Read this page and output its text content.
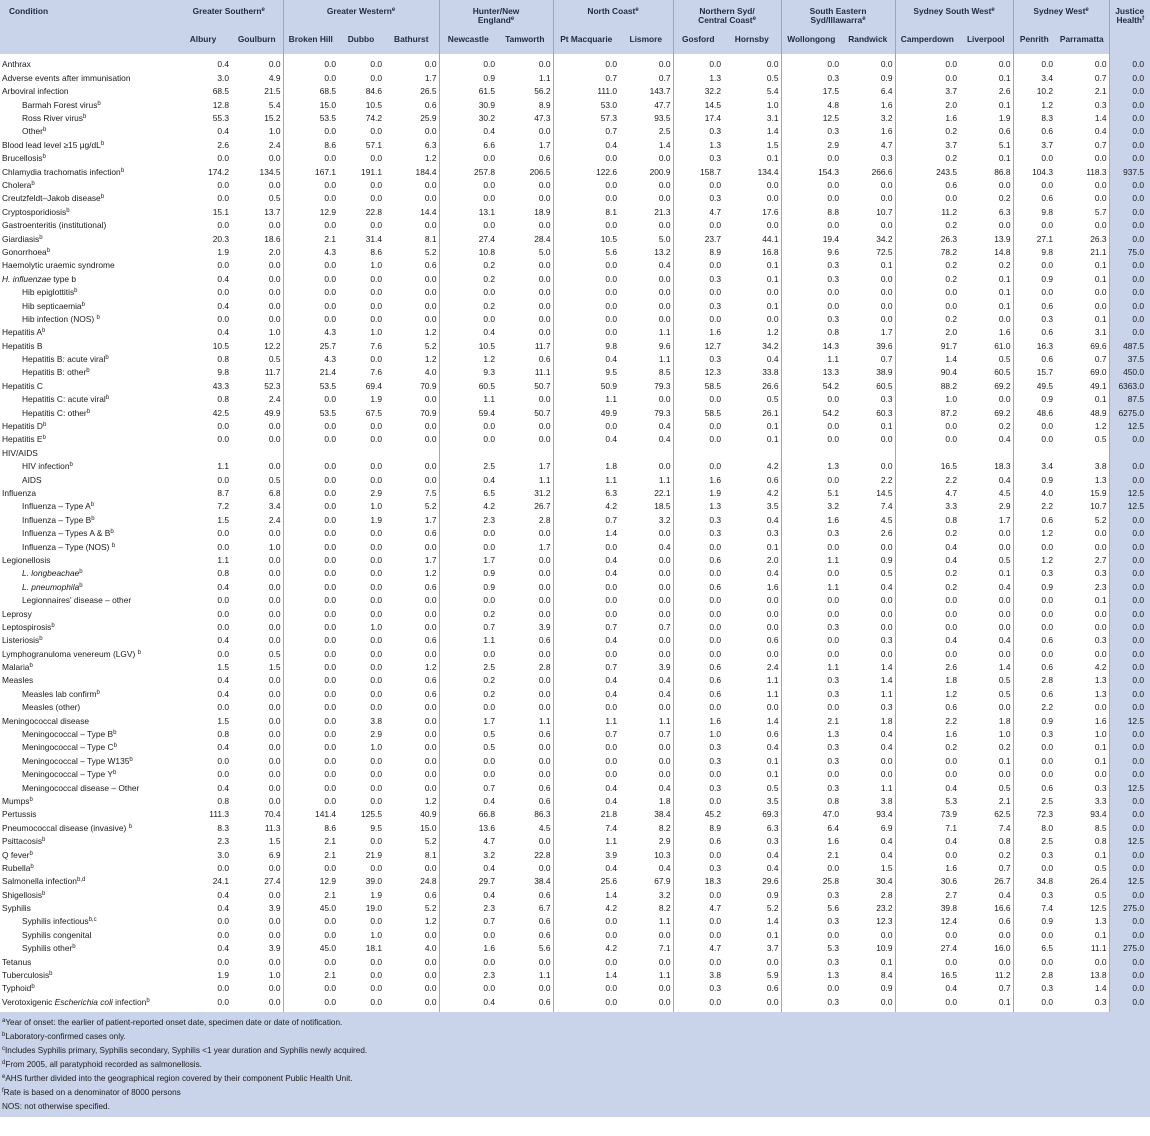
Condition	Greater Southern$^e$		Greater Western$^e$			Hunter/New
England$^e$		North Coast$^e$		Northern Syd/
Central Coast$^e$		South Eastern
Syd/Illawarra$^e$		Sydney South West$^e$		Sydney West$^e$		Justice
Health$^f$
	Albury	Goulburn	Broken Hill	Dubbo	Bathurst	Newcastle	Tamworth	Pt Macquarie	Lismore	Gosford	Hornsby	Wollongong	Randwick	Camperdown	Liverpool	Penrith	Parramatta	

Anthrax	0.4	0.0	0.0	0.0	0.0	0.0	0.0	0.0	0.0	0.0	0.0	0.0	0.0	0.0	0.0	0.0	0.0	0.0
Adverse events after immunisation	3.0	4.9	0.0	0.0	1.7	0.9	1.1	0.7	0.7	1.3	0.5	0.3	0.9	0.0	0.1	3.4	0.7	0.0
Arboviral infection	68.5	21.5	68.5	84.6	26.5	61.5	56.2	111.0	143.7	32.2	5.4	17.5	6.4	3.7	2.6	10.2	2.1	0.0
Barmah Forest virus$^b$	12.8	5.4	15.0	10.5	0.6	30.9	8.9	53.0	47.7	14.5	1.0	4.8	1.6	2.0	0.1	1.2	0.3	0.0
Ross River virus$^b$	55.3	15.2	53.5	74.2	25.9	30.2	47.3	57.3	93.5	17.4	3.1	12.5	3.2	1.6	1.9	8.3	1.4	0.0
Other$^b$	0.4	1.0	0.0	0.0	0.0	0.4	0.0	0.7	2.5	0.3	1.4	0.3	1.6	0.2	0.6	0.6	0.4	0.0
Blood lead level ≥15 $\mu g/dL^b$	2.6	2.4	8.6	57.1	6.3	6.6	1.7	0.4	1.4	1.3	1.5	2.9	4.7	3.7	5.1	3.7	0.7	0.0
Brucellosis$^b$	0.0	0.0	0.0	0.0	1.2	0.0	0.6	0.0	0.0	0.3	0.1	0.0	0.3	0.2	0.1	0.0	0.0	0.0
Chlamydia trachomatis infection$^b$	174.2	134.5	167.1	191.1	184.4	257.8	206.5	122.6	200.9	158.7	134.4	154.3	266.6	243.5	86.8	104.3	118.3	937.5
Cholera$^b$	0.0	0.0	0.0	0.0	0.0	0.0	0.0	0.0	0.0	0.0	0.0	0.0	0.0	0.6	0.0	0.0	0.0	0.0
Creutzfeldt–Jakob disease$^b$	0.0	0.5	0.0	0.0	0.0	0.0	0.0	0.0	0.0	0.3	0.0	0.0	0.0	0.0	0.2	0.6	0.0	0.0
Cryptosporidiosis$^b$	15.1	13.7	12.9	22.8	14.4	13.1	18.9	8.1	21.3	4.7	17.6	8.8	10.7	11.2	6.3	9.8	5.7	0.0
Gastroenteritis (institutional)	0.0	0.0	0.0	0.0	0.0	0.0	0.0	0.0	0.0	0.0	0.0	0.0	0.0	0.2	0.0	0.0	0.0	0.0
Giardiasis$^b$	20.3	18.6	2.1	31.4	8.1	27.4	28.4	10.5	5.0	23.7	44.1	19.4	34.2	26.3	13.9	27.1	26.3	0.0
Gonorrhoea$^b$	1.9	2.0	4.3	8.6	5.2	10.8	5.0	5.6	13.2	8.9	16.8	9.6	72.5	78.2	14.8	9.8	21.1	75.0
Haemolytic uraemic syndrome	0.0	0.0	0.0	1.0	0.6	0.2	0.0	0.0	0.4	0.0	0.1	0.3	0.1	0.2	0.2	0.0	0.1	0.0
H. influenzae type b	0.4	0.0	0.0	0.0	0.0	0.2	0.0	0.0	0.0	0.3	0.1	0.3	0.0	0.2	0.1	0.9	0.1	0.0
Hib epiglottitis$^b$	0.0	0.0	0.0	0.0	0.0	0.0	0.0	0.0	0.0	0.0	0.0	0.0	0.0	0.0	0.1	0.0	0.0	0.0
Hib septicaemia$^b$	0.4	0.0	0.0	0.0	0.0	0.2	0.0	0.0	0.0	0.3	0.1	0.0	0.0	0.0	0.1	0.6	0.0	0.0
Hib infection (NOS) $^b$	0.0	0.0	0.0	0.0	0.0	0.0	0.0	0.0	0.0	0.0	0.0	0.3	0.0	0.2	0.0	0.3	0.1	0.0
Hepatitis $A^b$	0.4	1.0	4.3	1.0	1.2	0.4	0.0	0.0	1.1	1.6	1.2	0.8	1.7	2.0	1.6	0.6	3.1	0.0
Hepatitis B	10.5	12.2	25.7	7.6	5.2	10.5	11.7	9.8	9.6	12.7	34.2	14.3	39.6	91.7	61.0	16.3	69.6	487.5
Hepatitis B: acute viral$^b$	0.8	0.5	4.3	0.0	1.2	1.2	0.6	0.4	1.1	0.3	0.4	1.1	0.7	1.4	0.5	0.6	0.7	37.5
Hepatitis B: other$^b$	9.8	11.7	21.4	7.6	4.0	9.3	11.1	9.5	8.5	12.3	33.8	13.3	38.9	90.4	60.5	15.7	69.0	450.0
Hepatitis C	43.3	52.3	53.5	69.4	70.9	60.5	50.7	50.9	79.3	58.5	26.6	54.2	60.5	88.2	69.2	49.5	49.1	6363.0
Hepatitis C: acute viral$^b$	0.8	2.4	0.0	1.9	0.0	1.1	0.0	1.1	0.0	0.0	0.5	0.0	0.3	1.0	0.0	0.9	0.1	87.5
Hepatitis C: other$^b$	42.5	49.9	53.5	67.5	70.9	59.4	50.7	49.9	79.3	58.5	26.1	54.2	60.3	87.2	69.2	48.6	48.9	6275.0
Hepatitis $D^b$	0.0	0.0	0.0	0.0	0.0	0.0	0.0	0.0	0.4	0.0	0.1	0.0	0.1	0.0	0.2	0.0	1.2	12.5
Hepatitis $E^b$	0.0	0.0	0.0	0.0	0.0	0.0	0.0	0.4	0.4	0.0	0.1	0.0	0.0	0.0	0.4	0.0	0.5	0.0
HIV/AIDS																		
HIV infection$^b$	1.1	0.0	0.0	0.0	0.0	2.5	1.7	1.8	0.0	0.0	4.2	1.3	0.0	16.5	18.3	3.4	3.8	0.0
AIDS	0.0	0.5	0.0	0.0	0.0	0.4	1.1	1.1	1.1	1.6	0.6	0.0	2.2	2.2	0.4	0.9	1.3	0.0
Influenza	8.7	6.8	0.0	2.9	7.5	6.5	31.2	6.3	22.1	1.9	4.2	5.1	14.5	4.7	4.5	4.0	15.9	12.5
Influenza – Type $A^b$	7.2	3.4	0.0	1.0	5.2	4.2	26.7	4.2	18.5	1.3	3.5	3.2	7.4	3.3	2.9	2.2	10.7	12.5
Influenza – Type $B^b$	1.5	2.4	0.0	1.9	1.7	2.3	2.8	0.7	3.2	0.3	0.4	1.6	4.5	0.8	1.7	0.6	5.2	0.0
Influenza – Types A & $B^b$	0.0	0.0	0.0	0.0	0.6	0.0	0.0	1.4	0.0	0.3	0.3	0.3	2.6	0.2	0.0	1.2	0.0	0.0
Influenza – Type (NOS) $^b$	0.0	1.0	0.0	0.0	0.0	0.0	1.7	0.0	0.4	0.0	0.1	0.0	0.0	0.4	0.0	0.0	0.0	0.0
Legionellosis	1.1	0.0	0.0	0.0	1.7	1.7	0.0	0.4	0.0	0.6	2.0	1.1	0.9	0.4	0.5	1.2	2.7	0.0
L. longbeachae$^b$	0.8	0.0	0.0	0.0	1.2	0.9	0.0	0.4	0.0	0.0	0.4	0.0	0.5	0.2	0.1	0.3	0.3	0.0
L. pneumophila$^b$	0.4	0.0	0.0	0.0	0.6	0.9	0.0	0.0	0.0	0.6	1.6	1.1	0.4	0.2	0.4	0.9	2.3	0.0
Legionnaires' disease – other	0.0	0.0	0.0	0.0	0.0	0.0	0.0	0.0	0.0	0.0	0.0	0.0	0.0	0.0	0.0	0.0	0.1	0.0
Leprosy	0.0	0.0	0.0	0.0	0.0	0.2	0.0	0.0	0.0	0.0	0.0	0.0	0.0	0.0	0.0	0.0	0.0	0.0
Leptospirosis$^b$	0.0	0.0	0.0	1.0	0.0	0.7	3.9	0.7	0.7	0.0	0.0	0.3	0.0	0.0	0.0	0.0	0.0	0.0
Listeriosis$^b$	0.4	0.0	0.0	0.0	0.6	1.1	0.6	0.4	0.0	0.0	0.6	0.0	0.3	0.4	0.4	0.6	0.3	0.0
Lymphogranuloma venereum (LGV) $^b$	0.0	0.5	0.0	0.0	0.0	0.0	0.0	0.0	0.0	0.0	0.0	0.0	0.0	0.0	0.0	0.0	0.0	0.0
Malaria$^b$	1.5	1.5	0.0	0.0	1.2	2.5	2.8	0.7	3.9	0.6	2.4	1.1	1.4	2.6	1.4	0.6	4.2	0.0
Measles	0.4	0.0	0.0	0.0	0.6	0.2	0.0	0.4	0.4	0.6	1.1	0.3	1.4	1.8	0.5	2.8	1.3	0.0
Measles lab confirm$^b$	0.4	0.0	0.0	0.0	0.6	0.2	0.0	0.4	0.4	0.6	1.1	0.3	1.1	1.2	0.5	0.6	1.3	0.0
Measles (other)	0.0	0.0	0.0	0.0	0.0	0.0	0.0	0.0	0.0	0.0	0.0	0.0	0.3	0.6	0.0	2.2	0.0	0.0
Meningococcal disease	1.5	0.0	0.0	3.8	0.0	1.7	1.1	1.1	1.1	1.6	1.4	2.1	1.8	2.2	1.8	0.9	1.6	12.5
Meningococcal – Type $B^b$	0.8	0.0	0.0	2.9	0.0	0.5	0.6	0.7	0.7	1.0	0.6	1.3	0.4	1.6	1.0	0.3	1.0	0.0
Meningococcal – Type $C^b$	0.4	0.0	0.0	1.0	0.0	0.5	0.0	0.0	0.0	0.3	0.4	0.3	0.4	0.2	0.2	0.0	0.1	0.0
Meningococcal – Type W135$^b$	0.0	0.0	0.0	0.0	0.0	0.0	0.0	0.0	0.0	0.3	0.1	0.3	0.0	0.0	0.1	0.0	0.1	0.0
Meningococcal – Type $Y^b$	0.0	0.0	0.0	0.0	0.0	0.0	0.0	0.0	0.0	0.0	0.1	0.0	0.0	0.0	0.0	0.0	0.0	0.0
Meningococcal disease – Other	0.4	0.0	0.0	0.0	0.0	0.7	0.6	0.4	0.4	0.3	0.5	0.3	1.1	0.4	0.5	0.6	0.3	12.5
Mumps$^b$	0.8	0.0	0.0	0.0	1.2	0.4	0.6	0.4	1.8	0.0	3.5	0.8	3.8	5.3	2.1	2.5	3.3	0.0
Pertussis	111.3	70.4	141.4	125.5	40.9	66.8	86.3	21.8	38.4	45.2	69.3	47.0	93.4	73.9	62.5	72.3	93.4	0.0
Pneumococcal disease (invasive) $^b$	8.3	11.3	8.6	9.5	15.0	13.6	4.5	7.4	8.2	8.9	6.3	6.4	6.9	7.1	7.4	8.0	8.5	0.0
Psittacosis$^b$	2.3	1.5	2.1	0.0	5.2	4.7	0.0	1.1	2.9	0.6	0.3	1.6	0.4	0.4	0.8	2.5	0.8	12.5
Q fever$^b$	3.0	6.9	2.1	21.9	8.1	3.2	22.8	3.9	10.3	0.0	0.4	2.1	0.4	0.0	0.2	0.3	0.1	0.0
Rubella$^b$	0.0	0.0	0.0	0.0	0.0	0.4	0.0	0.4	0.4	0.3	0.4	0.0	1.5	1.6	0.7	0.0	0.5	0.0
Salmonella infection$^{b,d}$	24.1	27.4	12.9	39.0	24.8	29.7	38.4	25.6	67.9	18.3	29.6	25.8	30.4	30.6	26.7	34.8	26.4	12.5
Shigellosis$^b$	0.4	0.0	2.1	1.9	0.6	0.4	0.6	1.4	3.2	0.0	0.9	0.3	2.8	2.7	0.4	0.3	0.5	0.0
Syphilis	0.4	3.9	45.0	19.0	5.2	2.3	6.7	4.2	8.2	4.7	5.2	5.6	23.2	39.8	16.6	7.4	12.5	275.0
Syphilis infectious$^{b,c}$	0.0	0.0	0.0	0.0	1.2	0.7	0.6	0.0	1.1	0.0	1.4	0.3	12.3	12.4	0.6	0.9	1.3	0.0
Syphilis congenital	0.0	0.0	0.0	1.0	0.0	0.0	0.6	0.0	0.0	0.0	0.1	0.0	0.0	0.0	0.0	0.0	0.1	0.0
Syphilis other$^b$	0.4	3.9	45.0	18.1	4.0	1.6	5.6	4.2	7.1	4.7	3.7	5.3	10.9	27.4	16.0	6.5	11.1	275.0
Tetanus	0.0	0.0	0.0	0.0	0.0	0.0	0.0	0.0	0.0	0.0	0.0	0.3	0.1	0.0	0.0	0.0	0.0	0.0
Tuberculosis$^b$	1.9	1.0	2.1	0.0	0.0	2.3	1.1	1.4	1.1	3.8	5.9	1.3	8.4	16.5	11.2	2.8	13.8	0.0
Typhoid$^b$	0.0	0.0	0.0	0.0	0.0	0.0	0.0	0.0	0.0	0.3	0.6	0.0	0.9	0.4	0.7	0.3	1.4	0.0
Verotoxigenic Escherichia coli infection$^b$	0.0	0.0	0.0	0.0	0.0	0.4	0.6	0.0	0.0	0.0	0.0	0.3	0.0	0.0	0.1	0.0	0.3	0.0
$^a$Year of onset: the earlier of patient-reported onset date, specimen date or date of notification.																		
$^b$Laboratory-confirmed cases only.																		
$^c$Includes Syphilis primary, Syphilis secondary, Syphilis <1 year duration and Syphilis newly acquired.																		
$^d$From 2005, all paratyphoid recorded as salmonellosis.																		
$^e$AHS further divided into the geographical region covered by their component Public Health Unit.																		
$^f$Rate is based on a denominator of 8000 persons																		
NOS: not otherwise specified.																		
